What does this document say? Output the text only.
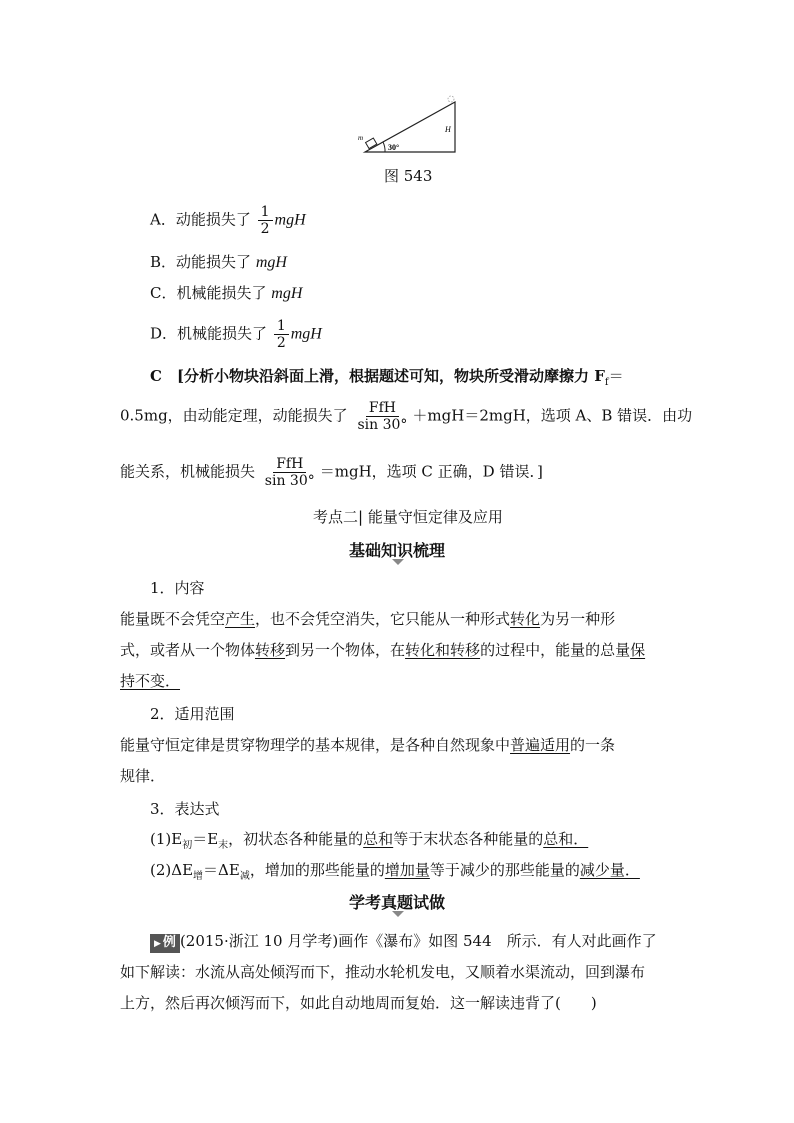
m
30°
H
图 543
A．动能损失了 $\frac{1}{2}$ mgH
B．动能损失了 mgH
C．机械能损失了 mgH
D．机械能损失了 $\frac{1}{2}$ mgH
C　[分析小物块沿斜面上滑，根据题述可知，物块所受滑动摩擦力 $F_f=$
0.5mg，由动能定理，动能损失了 $\frac{\text{FfH}}{\sin 30^\circ} +mgH=2mgH$，选项 A、B 错误．由功
能关系，机械能损失 $\frac{\text{FfH}}{\sin 30^\circ} =mgH$，选项 C 正确，D 错误．]
考点二| 能量守恒定律及应用
基础知识梳理
1．内容
能量既不会凭空产生，也不会凭空消失，它只能从一种形式转化为另一种形
式，或者从一个物体转移到另一个物体，在转化和转移的过程中，能量的总量保
持不变．
2．适用范围
能量守恒定律是贯穿物理学的基本规律，是各种自然现象中普遍适用的一条
规律．
3．表达式
$(1)E_初=E_末$，初状态各种能量的总和等于末状态各种能量的总和．
$(2)\Delta E_增=\Delta E_减$，增加的那些能量的增加量等于减少的那些能量的减少量．
学考真题试做
▶ 例 (2015·浙江 10 月学考)画作《瀑布》如图 544　所示．有人对此画作了
如下解读：水流从高处倾泻而下，推动水轮机发电，又顺着水渠流动，回到瀑布
上方，然后再次倾泻而下，如此自动地周而复始．这一解读违背了(　　)
